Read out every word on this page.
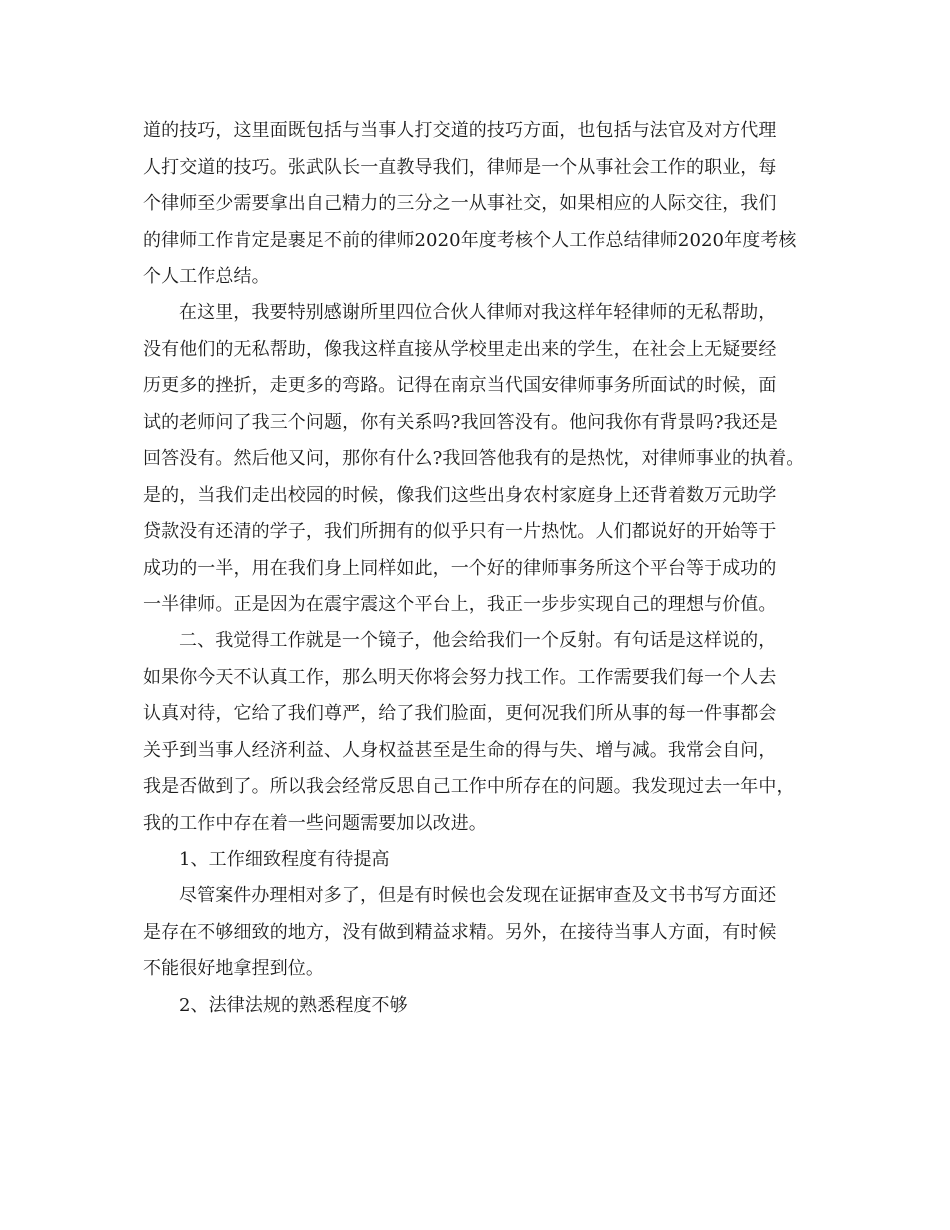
道的技巧，这里面既包括与当事人打交道的技巧方面，也包括与法官及对方代理
人打交道的技巧。张武队长一直教导我们，律师是一个从事社会工作的职业，每
个律师至少需要拿出自己精力的三分之一从事社交，如果相应的人际交往，我们
的律师工作肯定是裹足不前的律师2020年度考核个人工作总结律师2020年度考核
个人工作总结。
在这里，我要特别感谢所里四位合伙人律师对我这样年轻律师的无私帮助，
没有他们的无私帮助，像我这样直接从学校里走出来的学生，在社会上无疑要经
历更多的挫折，走更多的弯路。记得在南京当代国安律师事务所面试的时候，面
试的老师问了我三个问题，你有关系吗?我回答没有。他问我你有背景吗?我还是
回答没有。然后他又问，那你有什么?我回答他我有的是热忱，对律师事业的执着。
是的，当我们走出校园的时候，像我们这些出身农村家庭身上还背着数万元助学
贷款没有还清的学子，我们所拥有的似乎只有一片热忱。人们都说好的开始等于
成功的一半，用在我们身上同样如此，一个好的律师事务所这个平台等于成功的
一半律师。正是因为在震宇震这个平台上，我正一步步实现自己的理想与价值。
二、我觉得工作就是一个镜子，他会给我们一个反射。有句话是这样说的，
如果你今天不认真工作，那么明天你将会努力找工作。工作需要我们每一个人去
认真对待，它给了我们尊严，给了我们脸面，更何况我们所从事的每一件事都会
关乎到当事人经济利益、人身权益甚至是生命的得与失、增与减。我常会自问，
我是否做到了。所以我会经常反思自己工作中所存在的问题。我发现过去一年中，
我的工作中存在着一些问题需要加以改进。
1、工作细致程度有待提高
尽管案件办理相对多了，但是有时候也会发现在证据审查及文书书写方面还
是存在不够细致的地方，没有做到精益求精。另外，在接待当事人方面，有时候
不能很好地拿捏到位。
2、法律法规的熟悉程度不够
